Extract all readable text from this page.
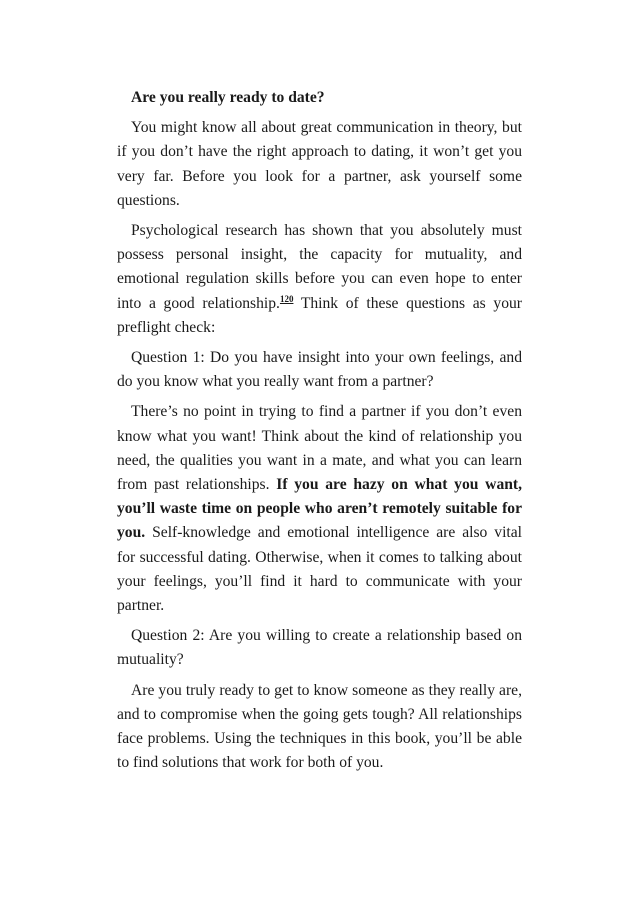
Are you really ready to date?

You might know all about great communication in theory, but if you don’t have the right approach to dating, it won’t get you very far. Before you look for a partner, ask yourself some questions.

Psychological research has shown that you absolutely must possess personal insight, the capacity for mutuality, and emotional regulation skills before you can even hope to enter into a good relationship.$^{120}$ Think of these questions as your preflight check:

Question 1: Do you have insight into your own feelings, and do you know what you really want from a partner?

There’s no point in trying to find a partner if you don’t even know what you want! Think about the kind of relationship you need, the qualities you want in a mate, and what you can learn from past relationships. If you are hazy on what you want, you’ll waste time on people who aren’t remotely suitable for you. Self-knowledge and emotional intelligence are also vital for successful dating. Otherwise, when it comes to talking about your feelings, you’ll find it hard to communicate with your partner.

Question 2: Are you willing to create a relationship based on mutuality?

Are you truly ready to get to know someone as they really are, and to compromise when the going gets tough? All relationships face problems. Using the techniques in this book, you’ll be able to find solutions that work for both of you.
